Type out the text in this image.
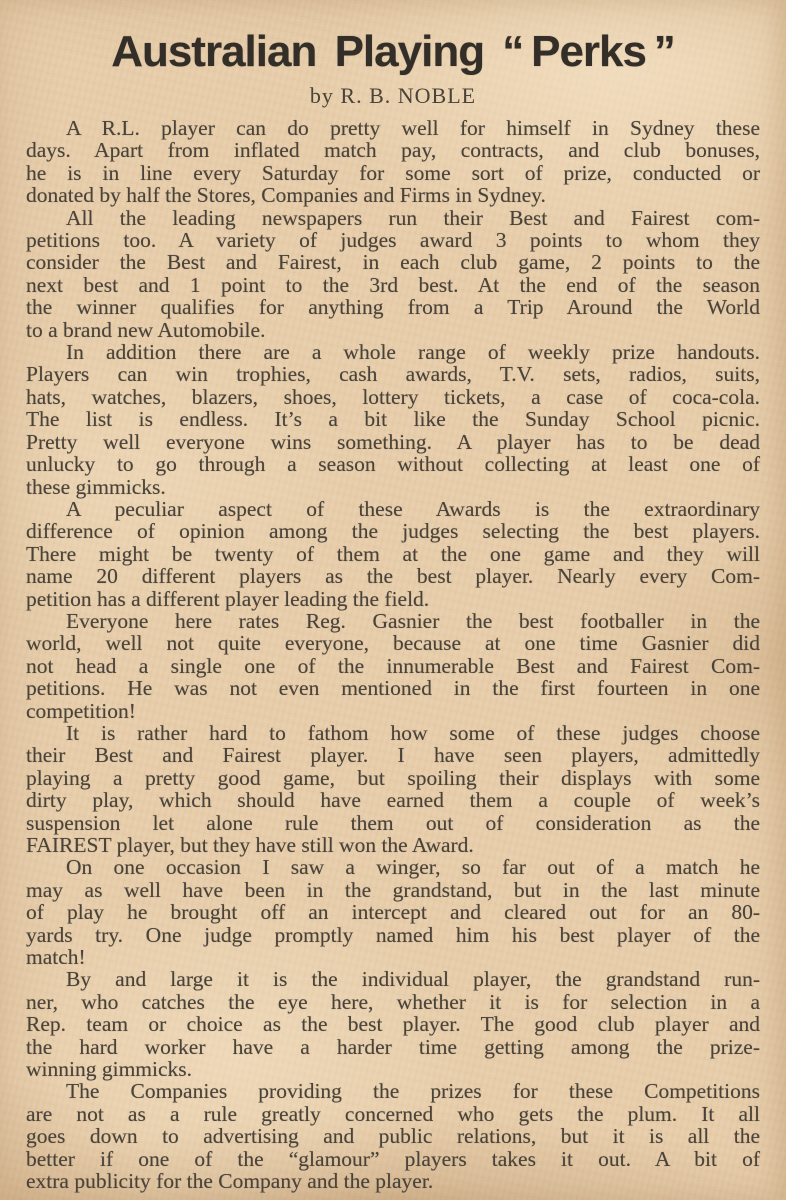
Australian Playing “ Perks ”
by R. B. NOBLE
A R.L. player can do pretty well for himself in Sydney these
days. Apart from inflated match pay, contracts, and club bonuses,
he is in line every Saturday for some sort of prize, conducted or
donated by half the Stores, Companies and Firms in Sydney.
All the leading newspapers run their Best and Fairest com-
petitions too. A variety of judges award 3 points to whom they
consider the Best and Fairest, in each club game, 2 points to the
next best and 1 point to the 3rd best. At the end of the season
the winner qualifies for anything from a Trip Around the World
to a brand new Automobile.
In addition there are a whole range of weekly prize handouts.
Players can win trophies, cash awards, T.V. sets, radios, suits,
hats, watches, blazers, shoes, lottery tickets, a case of coca-cola.
The list is endless. It’s a bit like the Sunday School picnic.
Pretty well everyone wins something. A player has to be dead
unlucky to go through a season without collecting at least one of
these gimmicks.
A peculiar aspect of these Awards is the extraordinary
difference of opinion among the judges selecting the best players.
There might be twenty of them at the one game and they will
name 20 different players as the best player. Nearly every Com-
petition has a different player leading the field.
Everyone here rates Reg. Gasnier the best footballer in the
world, well not quite everyone, because at one time Gasnier did
not head a single one of the innumerable Best and Fairest Com-
petitions. He was not even mentioned in the first fourteen in one
competition!
It is rather hard to fathom how some of these judges choose
their Best and Fairest player. I have seen players, admittedly
playing a pretty good game, but spoiling their displays with some
dirty play, which should have earned them a couple of week’s
suspension let alone rule them out of consideration as the
FAIREST player, but they have still won the Award.
On one occasion I saw a winger, so far out of a match he
may as well have been in the grandstand, but in the last minute
of play he brought off an intercept and cleared out for an 80-
yards try. One judge promptly named him his best player of the
match!
By and large it is the individual player, the grandstand run-
ner, who catches the eye here, whether it is for selection in a
Rep. team or choice as the best player. The good club player and
the hard worker have a harder time getting among the prize-
winning gimmicks.
The Companies providing the prizes for these Competitions
are not as a rule greatly concerned who gets the plum. It all
goes down to advertising and public relations, but it is all the
better if one of the “glamour” players takes it out. A bit of
extra publicity for the Company and the player.
